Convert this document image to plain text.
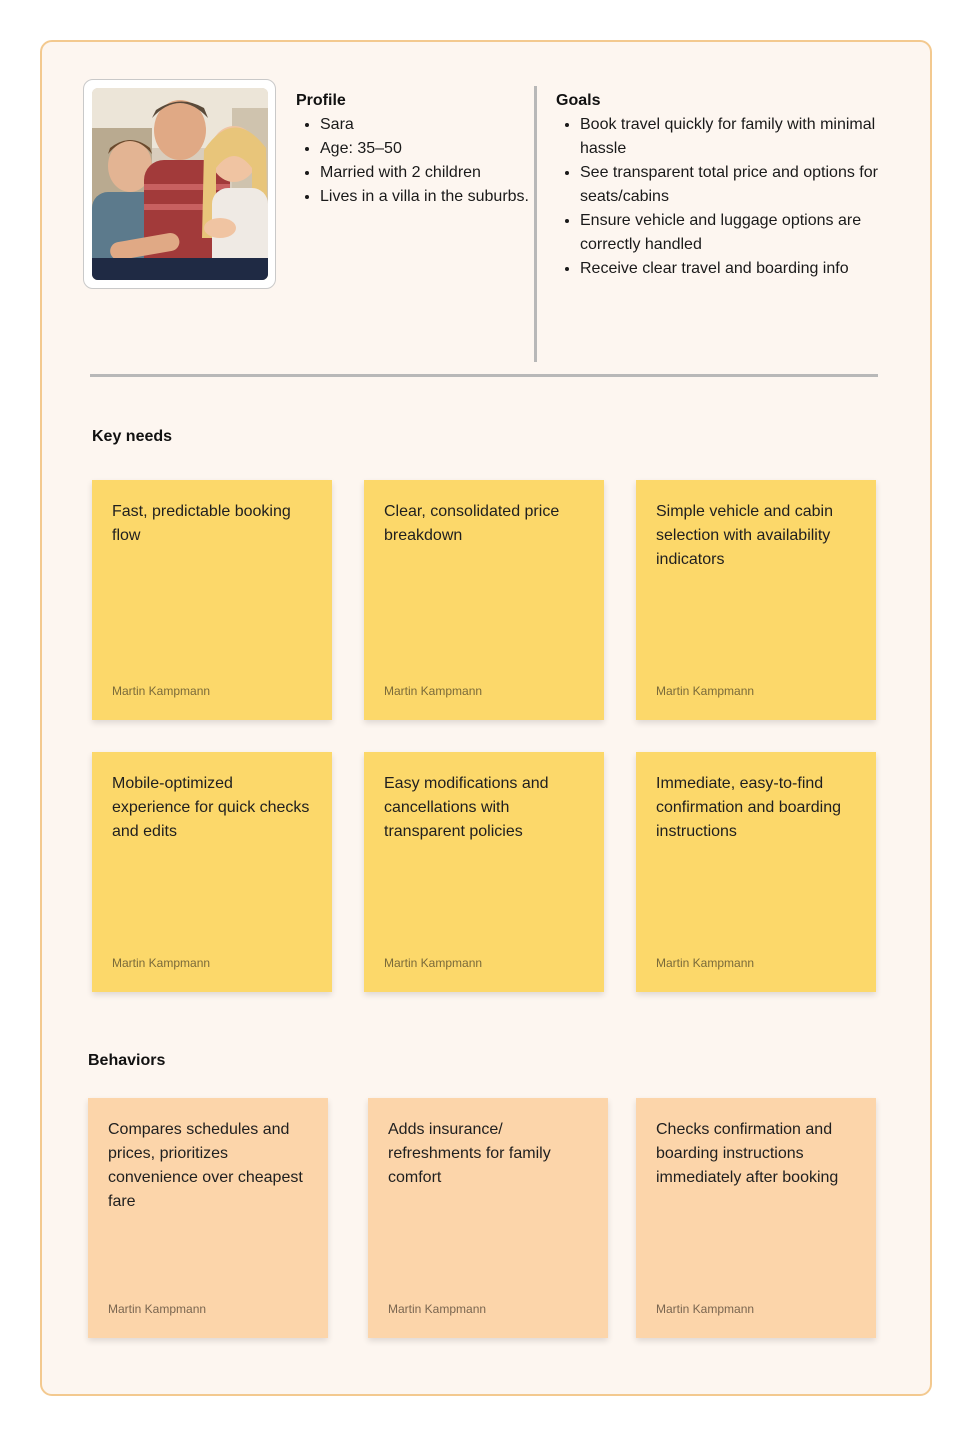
Profile
• Sara
• Age: 35–50
• Married with 2 children
• Lives in a villa in the suburbs.
Goals
• Book travel quickly for family with minimal hassle
• See transparent total price and options for seats/cabins
• Ensure vehicle and luggage options are correctly handled
• Receive clear travel and boarding info
Key needs
Fast, predictable booking flow
Martin Kampmann
Clear, consolidated price breakdown
Martin Kampmann
Simple vehicle and cabin selection with availability indicators
Martin Kampmann
Mobile-optimized experience for quick checks and edits
Martin Kampmann
Easy modifications and cancellations with transparent policies
Martin Kampmann
Immediate, easy-to-find confirmation and boarding instructions
Martin Kampmann
Behaviors
Compares schedules and prices, prioritizes convenience over cheapest fare
Martin Kampmann
Adds insurance/ refreshments for family comfort
Martin Kampmann
Checks confirmation and boarding instructions immediately after booking
Martin Kampmann
